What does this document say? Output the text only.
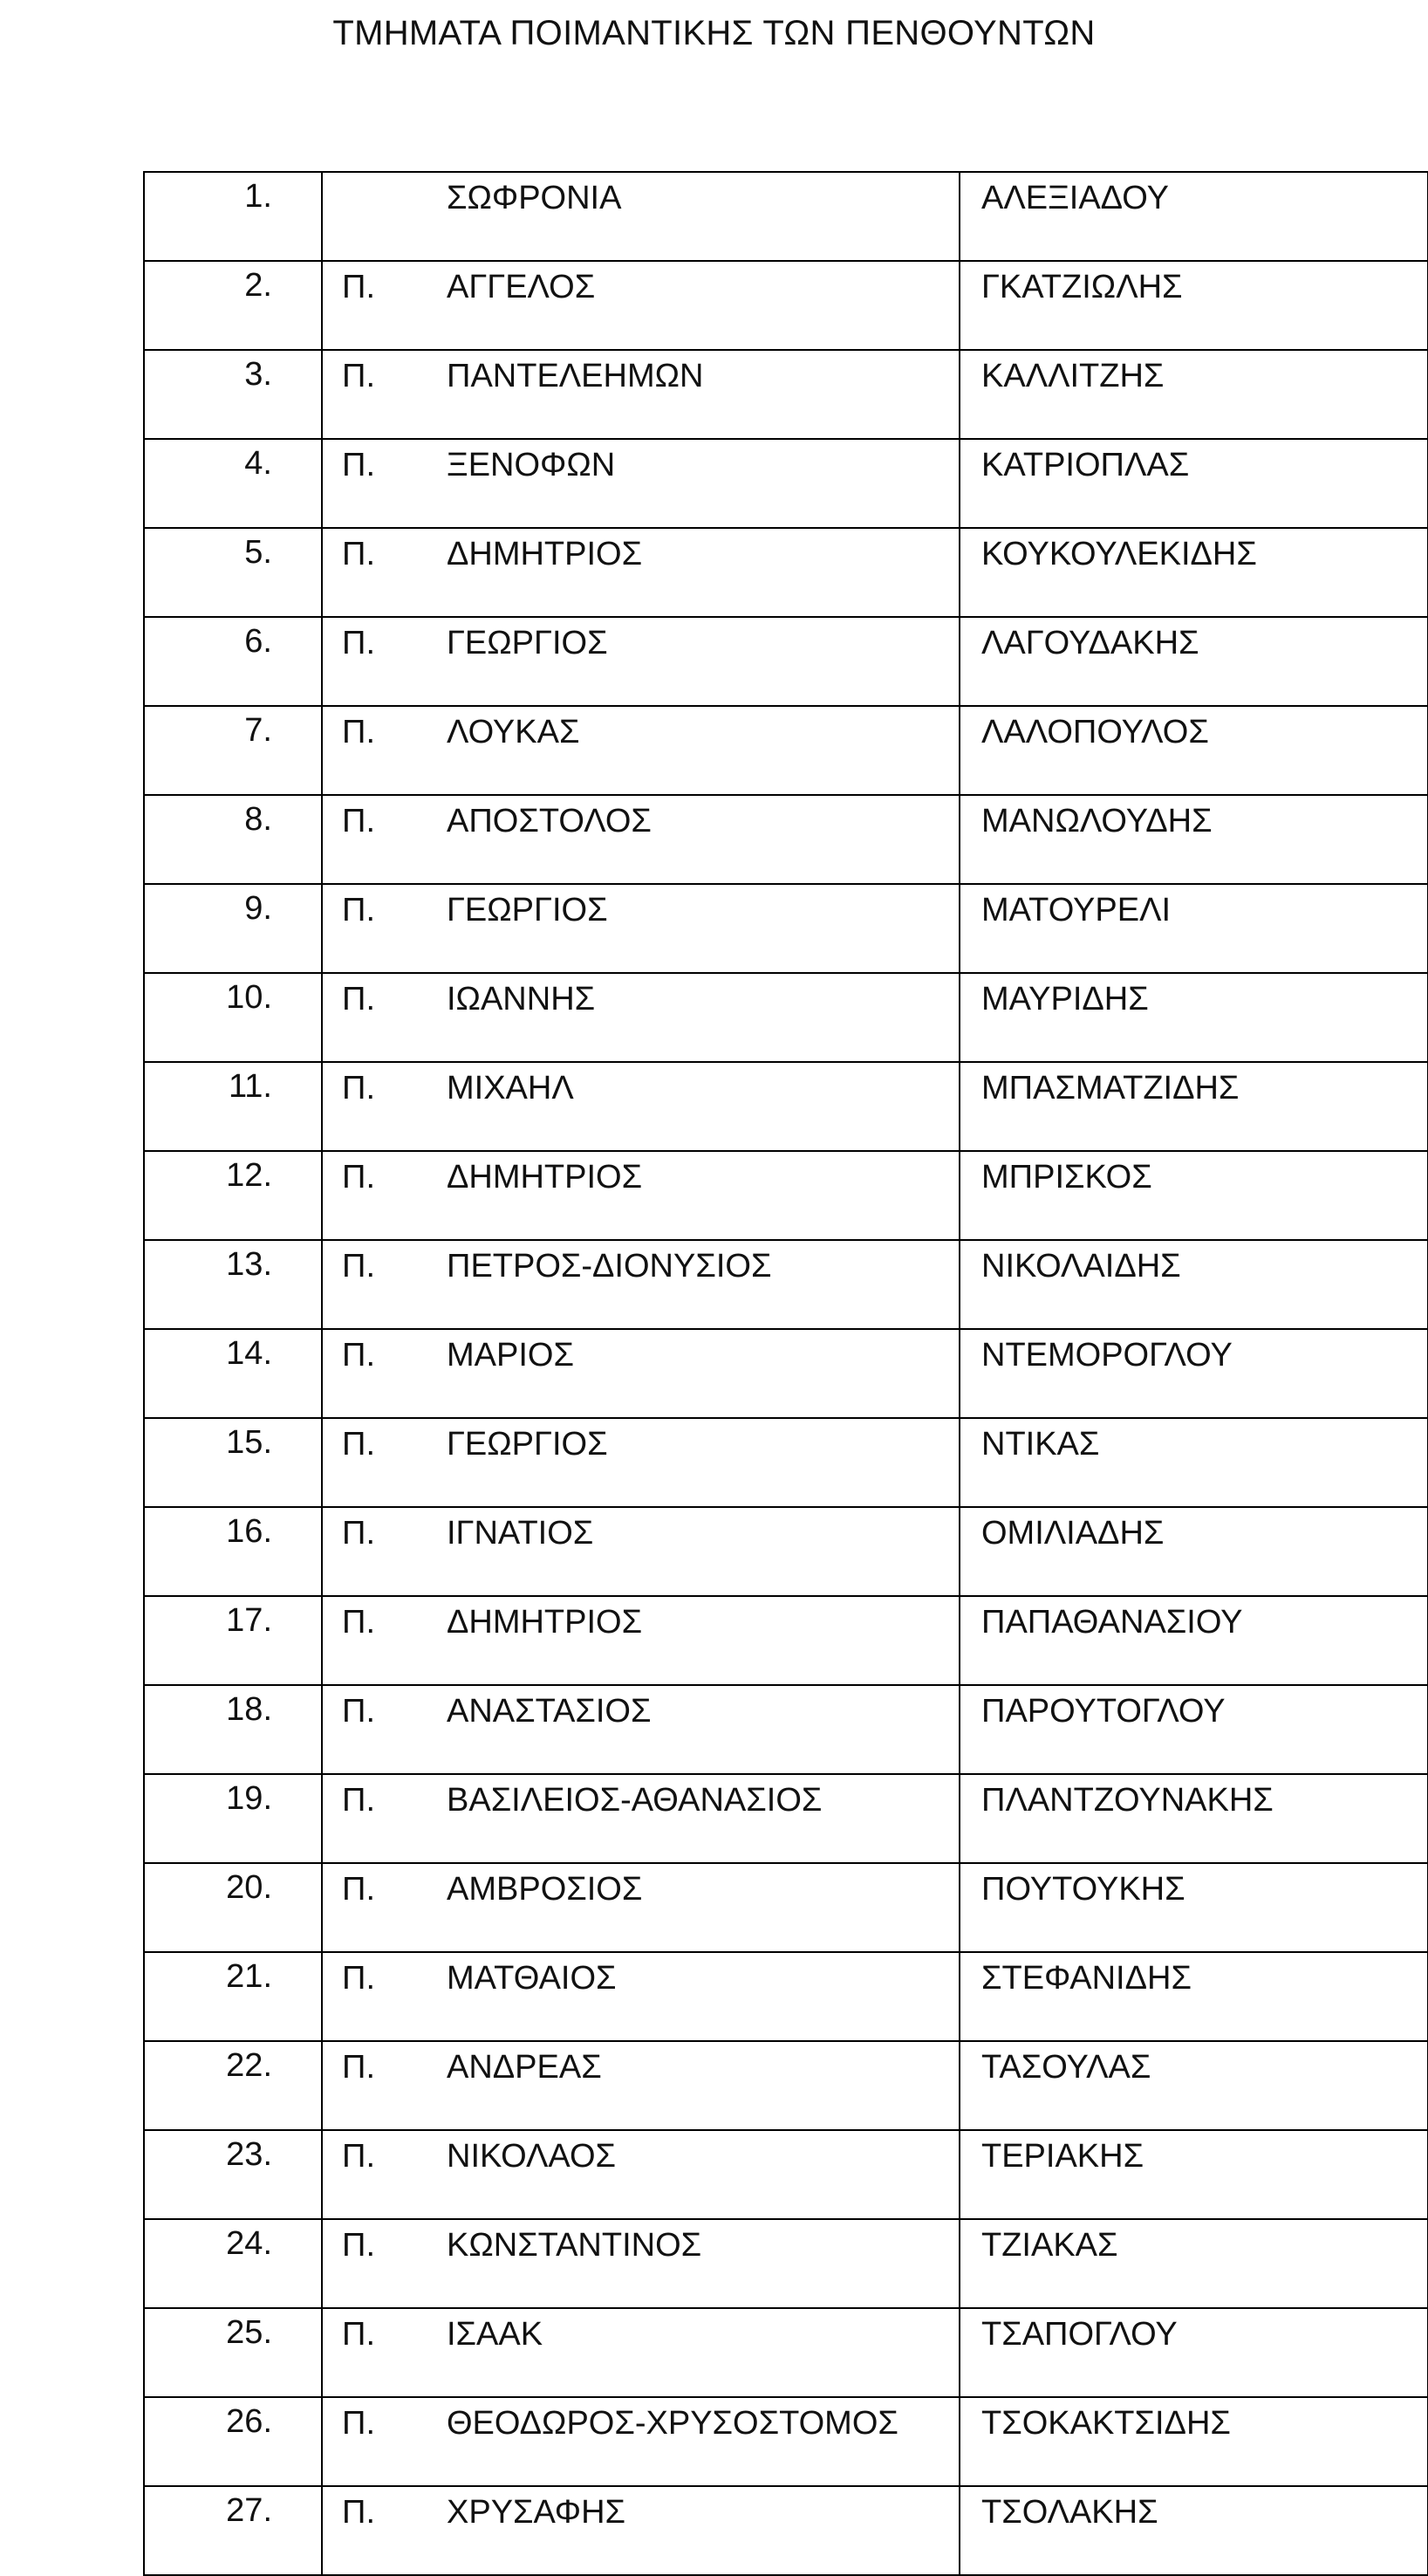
ΤΜΗΜΑΤΑ ΠΟΙΜΑΝΤΙΚΗΣ ΤΩΝ ΠΕΝΘΟΥΝΤΩΝ
1.	ΣΩΦΡΟΝΙΑ	ΑΛΕΞΙΑΔΟΥ
2.	Π. ΑΓΓΕΛΟΣ	ΓΚΑΤΖΙΩΛΗΣ
3.	Π. ΠΑΝΤΕΛΕΗΜΩΝ	ΚΑΛΛΙΤΖΗΣ
4.	Π. ΞΕΝΟΦΩΝ	ΚΑΤΡΙΟΠΛΑΣ
5.	Π. ΔΗΜΗΤΡΙΟΣ	ΚΟΥΚΟΥΛΕΚΙΔΗΣ
6.	Π. ΓΕΩΡΓΙΟΣ	ΛΑΓΟΥΔΑΚΗΣ
7.	Π. ΛΟΥΚΑΣ	ΛΑΛΟΠΟΥΛΟΣ
8.	Π. ΑΠΟΣΤΟΛΟΣ	ΜΑΝΩΛΟΥΔΗΣ
9.	Π. ΓΕΩΡΓΙΟΣ	ΜΑΤΟΥΡΕΛΙ
10.	Π. ΙΩΑΝΝΗΣ	ΜΑΥΡΙΔΗΣ
11.	Π. ΜΙΧΑΗΛ	ΜΠΑΣΜΑΤΖΙΔΗΣ
12.	Π. ΔΗΜΗΤΡΙΟΣ	ΜΠΡΙΣΚΟΣ
13.	Π. ΠΕΤΡΟΣ-ΔΙΟΝΥΣΙΟΣ	ΝΙΚΟΛΑΙΔΗΣ
14.	Π. ΜΑΡΙΟΣ	ΝΤΕΜΟΡΟΓΛΟΥ
15.	Π. ΓΕΩΡΓΙΟΣ	ΝΤΙΚΑΣ
16.	Π. ΙΓΝΑΤΙΟΣ	ΟΜΙΛΙΑΔΗΣ
17.	Π. ΔΗΜΗΤΡΙΟΣ	ΠΑΠΑΘΑΝΑΣΙΟΥ
18.	Π. ΑΝΑΣΤΑΣΙΟΣ	ΠΑΡΟΥΤΟΓΛΟΥ
19.	Π. ΒΑΣΙΛΕΙΟΣ-ΑΘΑΝΑΣΙΟΣ	ΠΛΑΝΤΖΟΥΝΑΚΗΣ
20.	Π. ΑΜΒΡΟΣΙΟΣ	ΠΟΥΤΟΥΚΗΣ
21.	Π. ΜΑΤΘΑΙΟΣ	ΣΤΕΦΑΝΙΔΗΣ
22.	Π. ΑΝΔΡΕΑΣ	ΤΑΣΟΥΛΑΣ
23.	Π. ΝΙΚΟΛΑΟΣ	ΤΕΡΙΑΚΗΣ
24.	Π. ΚΩΝΣΤΑΝΤΙΝΟΣ	ΤΖΙΑΚΑΣ
25.	Π. ΙΣΑΑΚ	ΤΣΑΠΟΓΛΟΥ
26.	Π. ΘΕΟΔΩΡΟΣ-ΧΡΥΣΟΣΤΟΜΟΣ	ΤΣΟΚΑΚΤΣΙΔΗΣ
27.	Π. ΧΡΥΣΑΦΗΣ	ΤΣΟΛΑΚΗΣ
